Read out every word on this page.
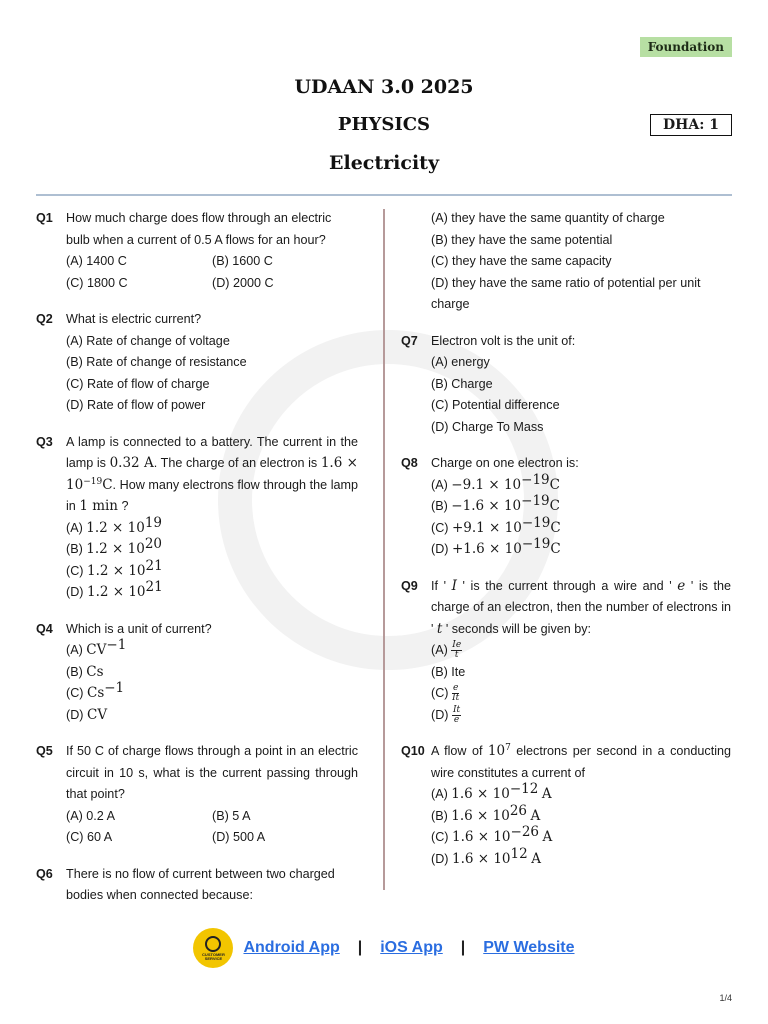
Foundation
UDAAN 3.0 2025
PHYSICS	DHA: 1
Electricity
Q1 How much charge does flow through an electric bulb when a current of 0.5 A flows for an hour?
(A) 1400 C	(B) 1600 C
(C) 1800 C	(D) 2000 C
Q2 What is electric current?
(A) Rate of change of voltage
(B) Rate of change of resistance
(C) Rate of flow of charge
(D) Rate of flow of power
Q3 A lamp is connected to a battery. The current in the lamp is 0.32 A. The charge of an electron is $1.6 \times 10^{-19}C$. How many electrons flow through the lamp in 1 min ?
(A) $1.2 \times 10^{19}$
(B) $1.2 \times 10^{20}$
(C) $1.2 \times 10^{21}$
(D) $1.2 \times 10^{21}$
Q4 Which is a unit of current?
(A) $CV^{-1}$
(B) Cs
(C) $Cs^{-1}$
(D) CV
Q5 If 50 C of charge flows through a point in an electric circuit in 10 s, what is the current passing through that point?
(A) 0.2 A	(B) 5 A
(C) 60 A	(D) 500 A
Q6 There is no flow of current between two charged bodies when connected because:
(A) they have the same quantity of charge
(B) they have the same potential
(C) they have the same capacity
(D) they have the same ratio of potential per unit charge
Q7 Electron volt is the unit of:
(A) energy
(B) Charge
(C) Potential difference
(D) Charge To Mass
Q8 Charge on one electron is:
$(A) -9.1 \times 10^{-19}C$
$(B) -1.6 \times 10^{-19}C$
$(C) +9.1 \times 10^{-19}C$
$(D) +1.6 \times 10^{-19}C$
Q9 If ' I ' is the current through a wire and ' e ' is the charge of an electron, then the number of electrons in ' t ' seconds will be given by:
$(A) \frac{Ie}{t}$
(B) Ite
$(C) \frac{e}{It}$
$(D) \frac{It}{e}$
Q10 A flow of $10^7$ electrons per second in a conducting wire constitutes a current of
(A) $1.6 \times 10^{-12}$ A
(B) $1.6 \times 10^{26}$ A
(C) $1.6 \times 10^{-26}$ A
(D) $1.6 \times 10^{12}$ A
CUSTOMER SERVICE
Android App | iOS App | PW Website
1/4
